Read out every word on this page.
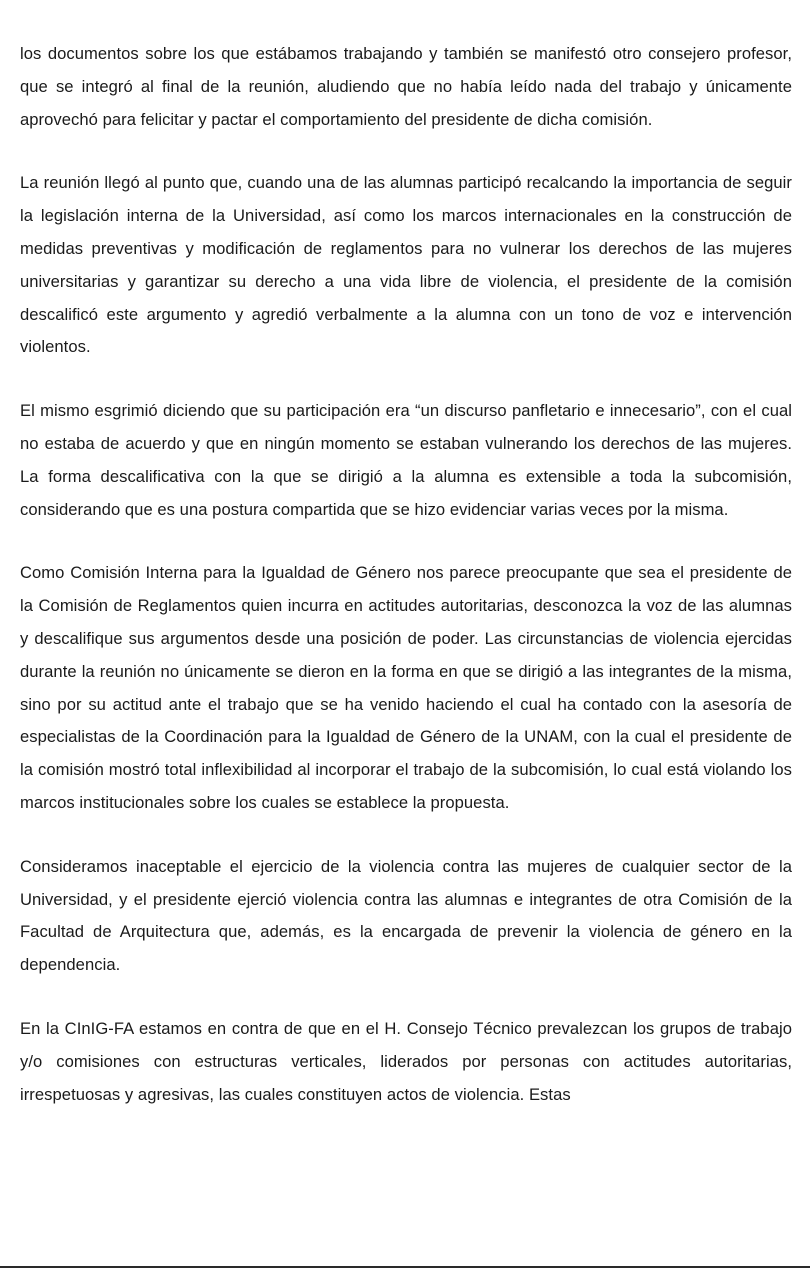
los documentos sobre los que estábamos trabajando y también se manifestó otro consejero profesor, que se integró al final de la reunión, aludiendo que no había leído nada del trabajo y únicamente aprovechó para felicitar y pactar el comportamiento del presidente de dicha comisión.

La reunión llegó al punto que, cuando una de las alumnas participó recalcando la importancia de seguir la legislación interna de la Universidad, así como los marcos internacionales en la construcción de medidas preventivas y modificación de reglamentos para no vulnerar los derechos de las mujeres universitarias y garantizar su derecho a una vida libre de violencia, el presidente de la comisión descalificó este argumento y agredió verbalmente a la alumna con un tono de voz e intervención violentos.

El mismo esgrimió diciendo que su participación era “un discurso panfletario e innecesario”, con el cual no estaba de acuerdo y que en ningún momento se estaban vulnerando los derechos de las mujeres. La forma descalificativa con la que se dirigió a la alumna es extensible a toda la subcomisión, considerando que es una postura compartida que se hizo evidenciar varias veces por la misma.

Como Comisión Interna para la Igualdad de Género nos parece preocupante que sea el presidente de la Comisión de Reglamentos quien incurra en actitudes autoritarias, desconozca la voz de las alumnas y descalifique sus argumentos desde una posición de poder. Las circunstancias de violencia ejercidas durante la reunión no únicamente se dieron en la forma en que se dirigió a las integrantes de la misma, sino por su actitud ante el trabajo que se ha venido haciendo el cual ha contado con la asesoría de especialistas de la Coordinación para la Igualdad de Género de la UNAM, con la cual el presidente de la comisión mostró total inflexibilidad al incorporar el trabajo de la subcomisión, lo cual está violando los marcos institucionales sobre los cuales se establece la propuesta.

Consideramos inaceptable el ejercicio de la violencia contra las mujeres de cualquier sector de la Universidad, y el presidente ejerció violencia contra las alumnas e integrantes de otra Comisión de la Facultad de Arquitectura que, además, es la encargada de prevenir la violencia de género en la dependencia.

En la CInIG-FA estamos en contra de que en el H. Consejo Técnico prevalezcan los grupos de trabajo y/o comisiones con estructuras verticales, liderados por personas con actitudes autoritarias, irrespetuosas y agresivas, las cuales constituyen actos de violencia. Estas
